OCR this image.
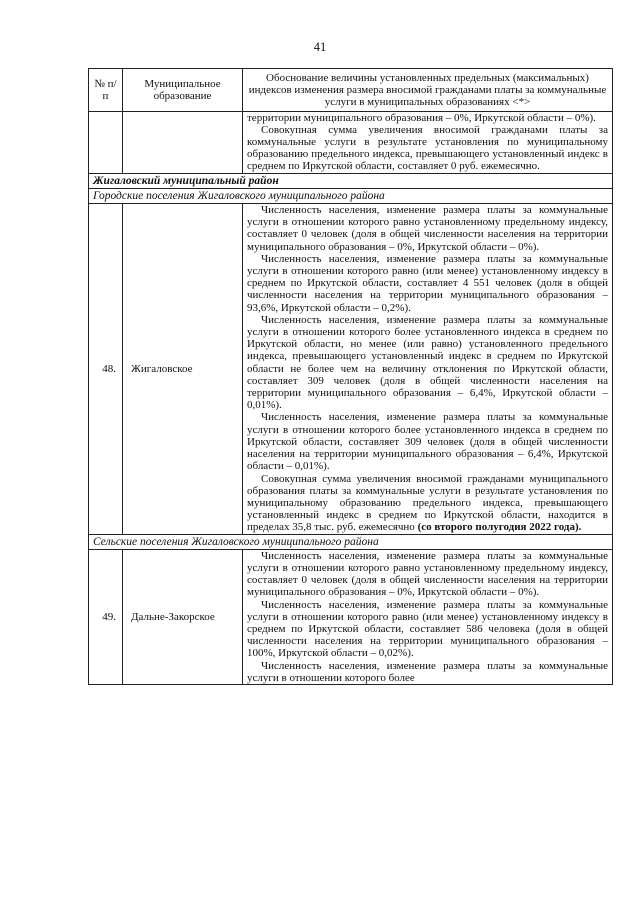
41
№ п/п	Муниципальное образование	Обоснование величины установленных предельных (максимальных) индексов изменения размера вносимой гражданами платы за коммунальные услуги в муниципальных образованиях <*>

		территории муниципального образования – 0%, Иркутской области – 0%).

Совокупная сумма увеличения вносимой гражданами платы за коммунальные услуги в результате установления по муниципальному образованию предельного индекса, превышающего установленный индекс в среднем по Иркутской области, составляет 0 руб. ежемесячно.

Жигаловский муниципальный район		
Городские поселения Жигаловского муниципального района		
48.	Жигаловское	Численность населения, изменение размера платы за коммунальные услуги в отношении которого равно установленному предельному индексу, составляет 0 человек (доля в общей численности населения на территории муниципального образования – 0%, Иркутской области – 0%).

Численность населения, изменение размера платы за коммунальные услуги в отношении которого равно (или менее) установленному индексу в среднем по Иркутской области, составляет 4 551 человек (доля в общей численности населения на территории муниципального образования – 93,6%, Иркутской области – 0,2%).

Численность населения, изменение размера платы за коммунальные услуги в отношении которого более установленного индекса в среднем по Иркутской области, но менее (или равно) установленного предельного индекса, превышающего установленный индекс в среднем по Иркутской области не более чем на величину отклонения по Иркутской области, составляет 309 человек (доля в общей численности населения на территории муниципального образования – 6,4%, Иркутской области – 0,01%).

Численность населения, изменение размера платы за коммунальные услуги в отношении которого более установленного индекса в среднем по Иркутской области, составляет 309 человек (доля в общей численности населения на территории муниципального образования – 6,4%, Иркутской области – 0,01%).

Совокупная сумма увеличения вносимой гражданами муниципального образования платы за коммунальные услуги в результате установления по муниципальному образованию предельного индекса, превышающего установленный индекс в среднем по Иркутской области, находится в пределах 35,8 тыс. руб. ежемесячно (со второго полугодия 2022 года).

Сельские поселения Жигаловского муниципального района		
49.	Дальне-Закорское	Численность населения, изменение размера платы за коммунальные услуги в отношении которого равно установленному предельному индексу, составляет 0 человек (доля в общей численности населения на территории муниципального образования – 0%, Иркутской области – 0%).

Численность населения, изменение размера платы за коммунальные услуги в отношении которого равно (или менее) установленному индексу в среднем по Иркутской области, составляет 586 человека (доля в общей численности населения на территории муниципального образования – 100%, Иркутской области – 0,02%).

Численность населения, изменение размера платы за коммунальные услуги в отношении которого более
